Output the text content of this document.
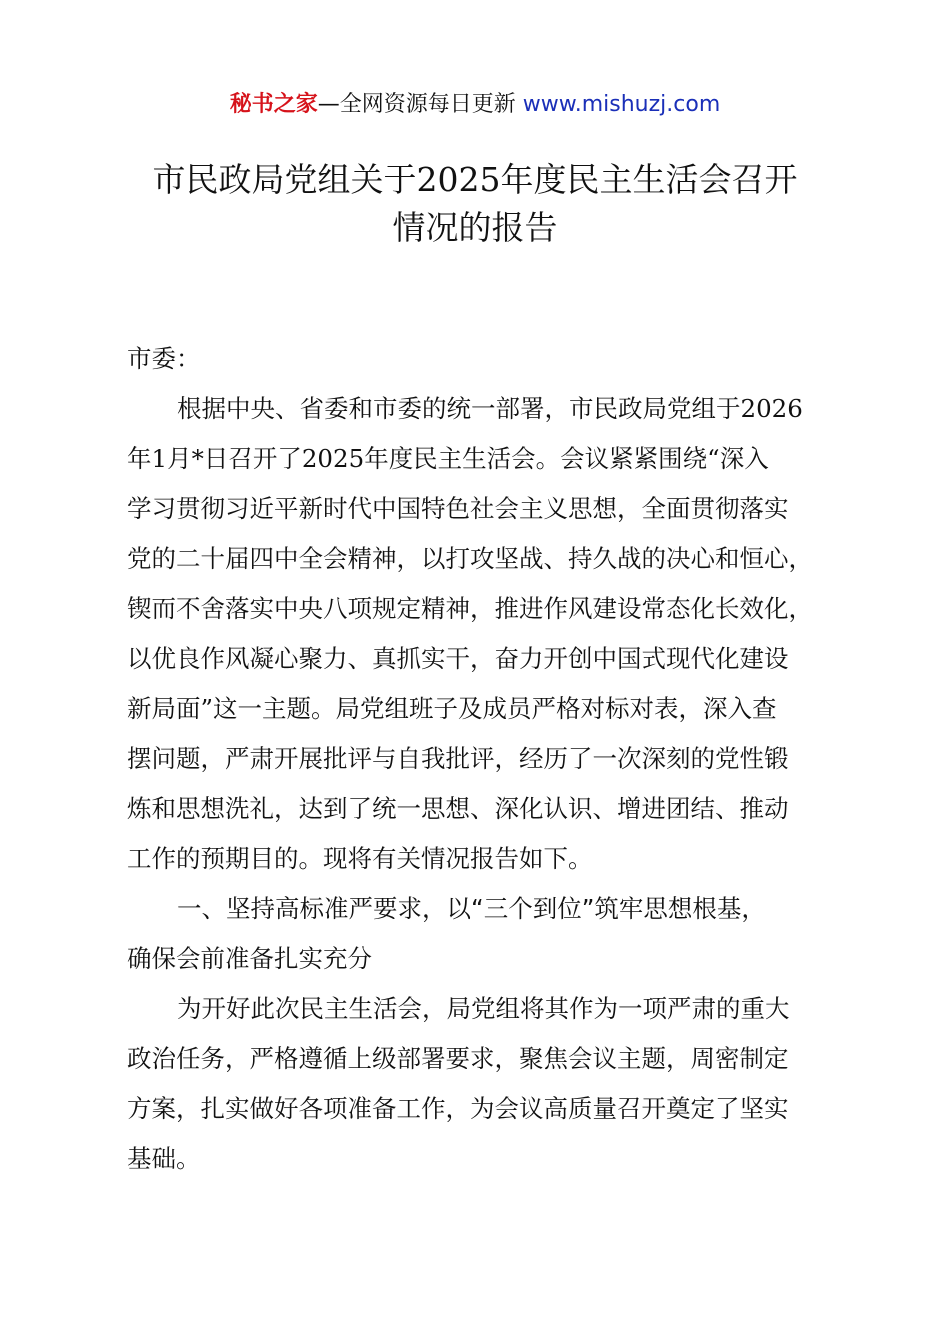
秘书之家—全网资源每日更新 www.mishuzj.com
市民政局党组关于2025年度民主生活会召开
情况的报告
市委：
根据中央、省委和市委的统一部署，市民政局党组于2026
年1月*日召开了2025年度民主生活会。会议紧紧围绕“深入
学习贯彻习近平新时代中国特色社会主义思想，全面贯彻落实
党的二十届四中全会精神，以打攻坚战、持久战的决心和恒心，
锲而不舍落实中央八项规定精神，推进作风建设常态化长效化，
以优良作风凝心聚力、真抓实干，奋力开创中国式现代化建设
新局面”这一主题。局党组班子及成员严格对标对表，深入查
摆问题，严肃开展批评与自我批评，经历了一次深刻的党性锻
炼和思想洗礼，达到了统一思想、深化认识、增进团结、推动
工作的预期目的。现将有关情况报告如下。
一、坚持高标准严要求，以“三个到位”筑牢思想根基，
确保会前准备扎实充分
为开好此次民主生活会，局党组将其作为一项严肃的重大
政治任务，严格遵循上级部署要求，聚焦会议主题，周密制定
方案，扎实做好各项准备工作，为会议高质量召开奠定了坚实
基础。
